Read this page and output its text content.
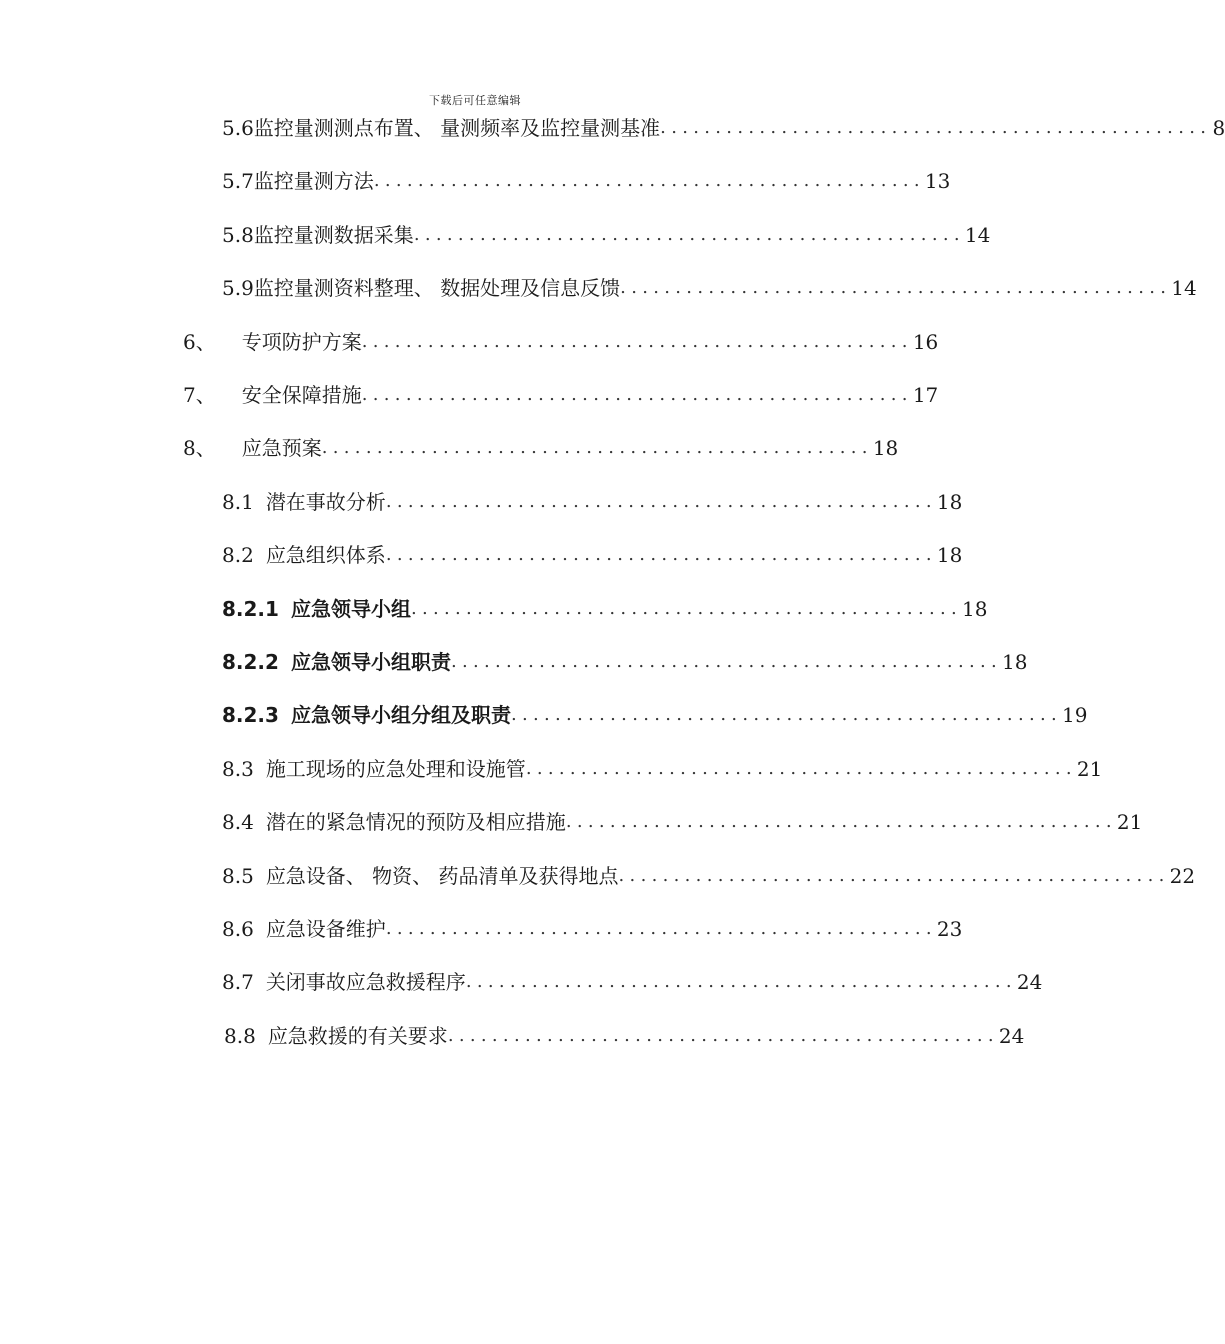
下载后可任意编辑
5.6 监控量测测点布置、 量测频率及监控量测基准 .................................................. 8
5.7 监控量测方法 .................................................. 13
5.8 监控量测数据采集 .................................................. 14
5.9 监控量测资料整理、 数据处理及信息反馈 .................................................. 14
6、 专项防护方案 .................................................. 16
7、 安全保障措施 .................................................. 17
8、 应急预案 .................................................. 18
8.1 潜在事故分析 .................................................. 18
8.2 应急组织体系 .................................................. 18
8.2.1 应急领导小组 .................................................. 18
8.2.2 应急领导小组职责 .................................................. 18
8.2.3 应急领导小组分组及职责 .................................................. 19
8.3 施工现场的应急处理和设施管 .................................................. 21
8.4 潜在的紧急情况的预防及相应措施 .................................................. 21
8.5 应急设备、 物资、 药品清单及获得地点 .................................................. 22
8.6 应急设备维护 .................................................. 23
8.7 关闭事故应急救援程序 .................................................. 24
8.8 应急救援的有关要求 .................................................. 24
